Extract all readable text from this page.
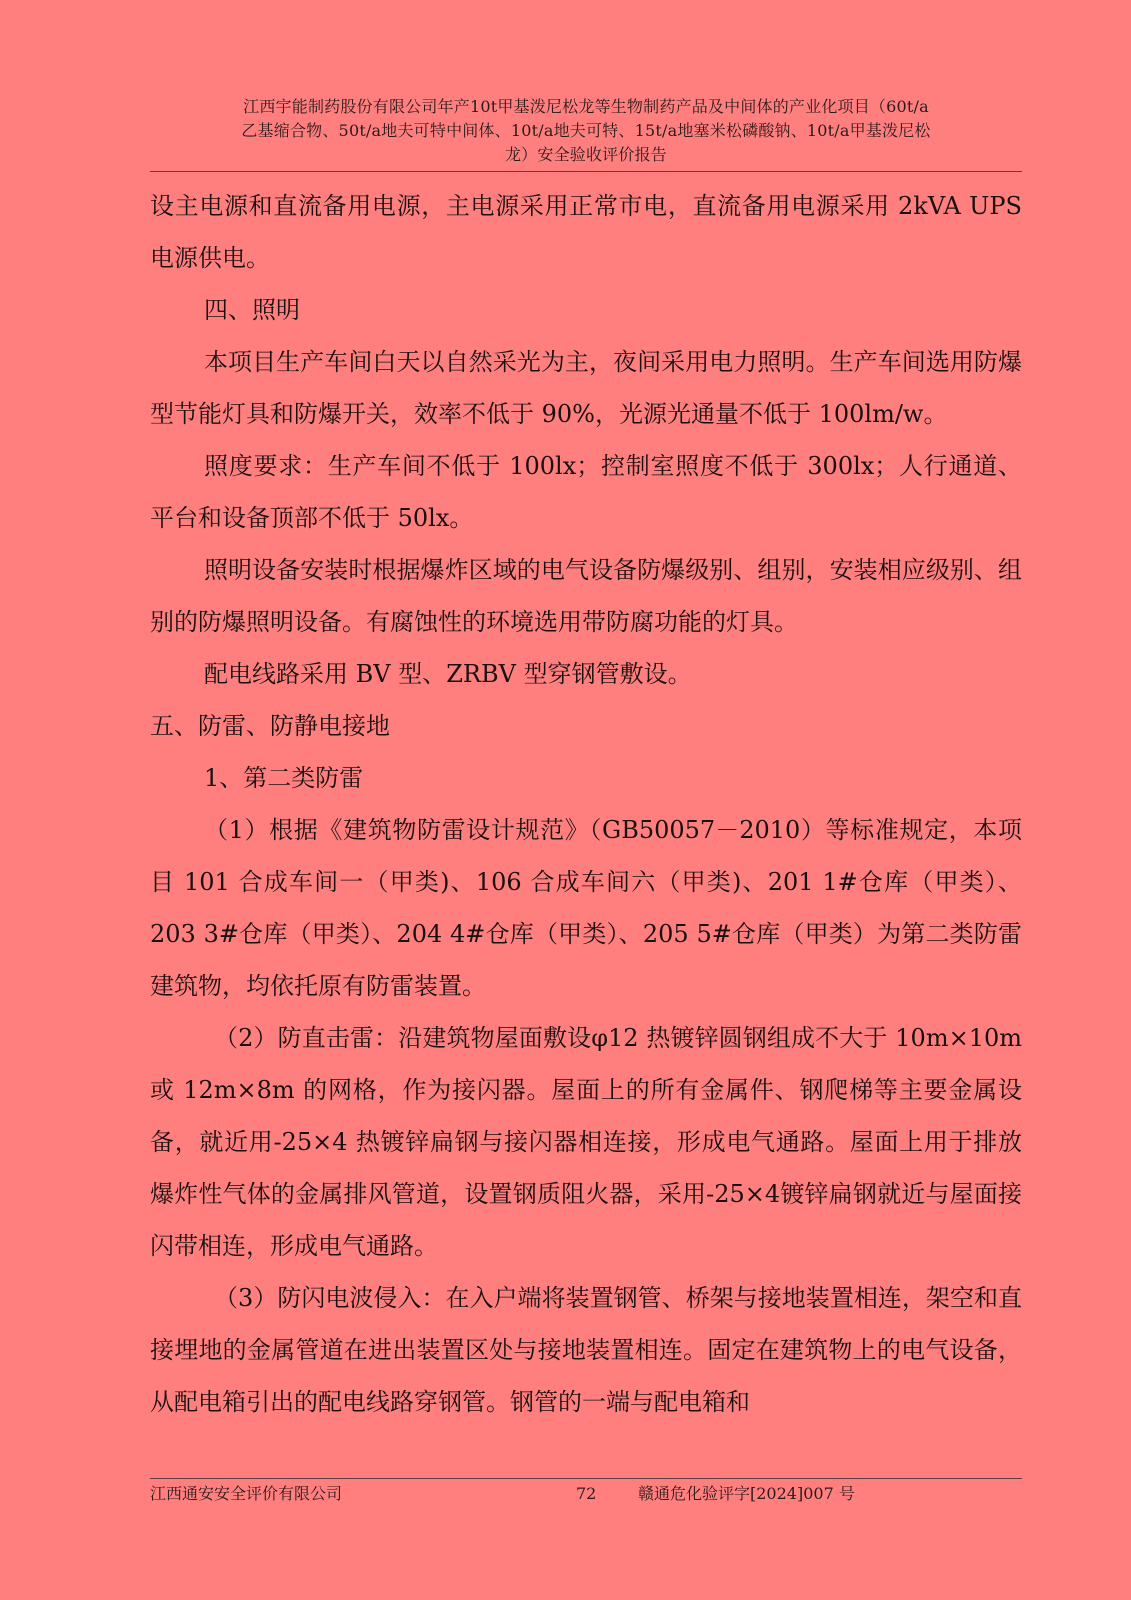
江西宇能制药股份有限公司年产10t甲基泼尼松龙等生物制药产品及中间体的产业化项目（60t/a
乙基缩合物、50t/a地夫可特中间体、10t/a地夫可特、15t/a地塞米松磷酸钠、10t/a甲基泼尼松
龙）安全验收评价报告

设主电源和直流备用电源，主电源采用正常市电，直流备用电源采用 2kVA UPS 电源供电。

四、照明

本项目生产车间白天以自然采光为主，夜间采用电力照明。生产车间选用防爆型节能灯具和防爆开关，效率不低于 90%，光源光通量不低于 100lm/w。

照度要求：生产车间不低于 100lx；控制室照度不低于 300lx；人行通道、平台和设备顶部不低于 50lx。

照明设备安装时根据爆炸区域的电气设备防爆级别、组别，安装相应级别、组别的防爆照明设备。有腐蚀性的环境选用带防腐功能的灯具。

配电线路采用 BV 型、ZRBV 型穿钢管敷设。

五、防雷、防静电接地

1、第二类防雷

（1）根据《建筑物防雷设计规范》（GB50057－2010）等标准规定，本项目 101 合成车间一（甲类)、106 合成车间六（甲类)、201 1#仓库（甲类）、203 3#仓库（甲类）、204 4#仓库（甲类）、205 5#仓库（甲类）为第二类防雷建筑物，均依托原有防雷装置。

（2）防直击雷：沿建筑物屋面敷设φ12 热镀锌圆钢组成不大于 10m×10m 或 12m×8m 的网格，作为接闪器。屋面上的所有金属件、钢爬梯等主要金属设备，就近用-25×4 热镀锌扁钢与接闪器相连接，形成电气通路。屋面上用于排放爆炸性气体的金属排风管道，设置钢质阻火器，采用-25×4镀锌扁钢就近与屋面接闪带相连，形成电气通路。

（3）防闪电波侵入：在入户端将装置钢管、桥架与接地装置相连，架空和直接埋地的金属管道在进出装置区处与接地装置相连。固定在建筑物上的电气设备，从配电箱引出的配电线路穿钢管。钢管的一端与配电箱和

江西通安安全评价有限公司	72	赣通危化验评字[2024]007 号
